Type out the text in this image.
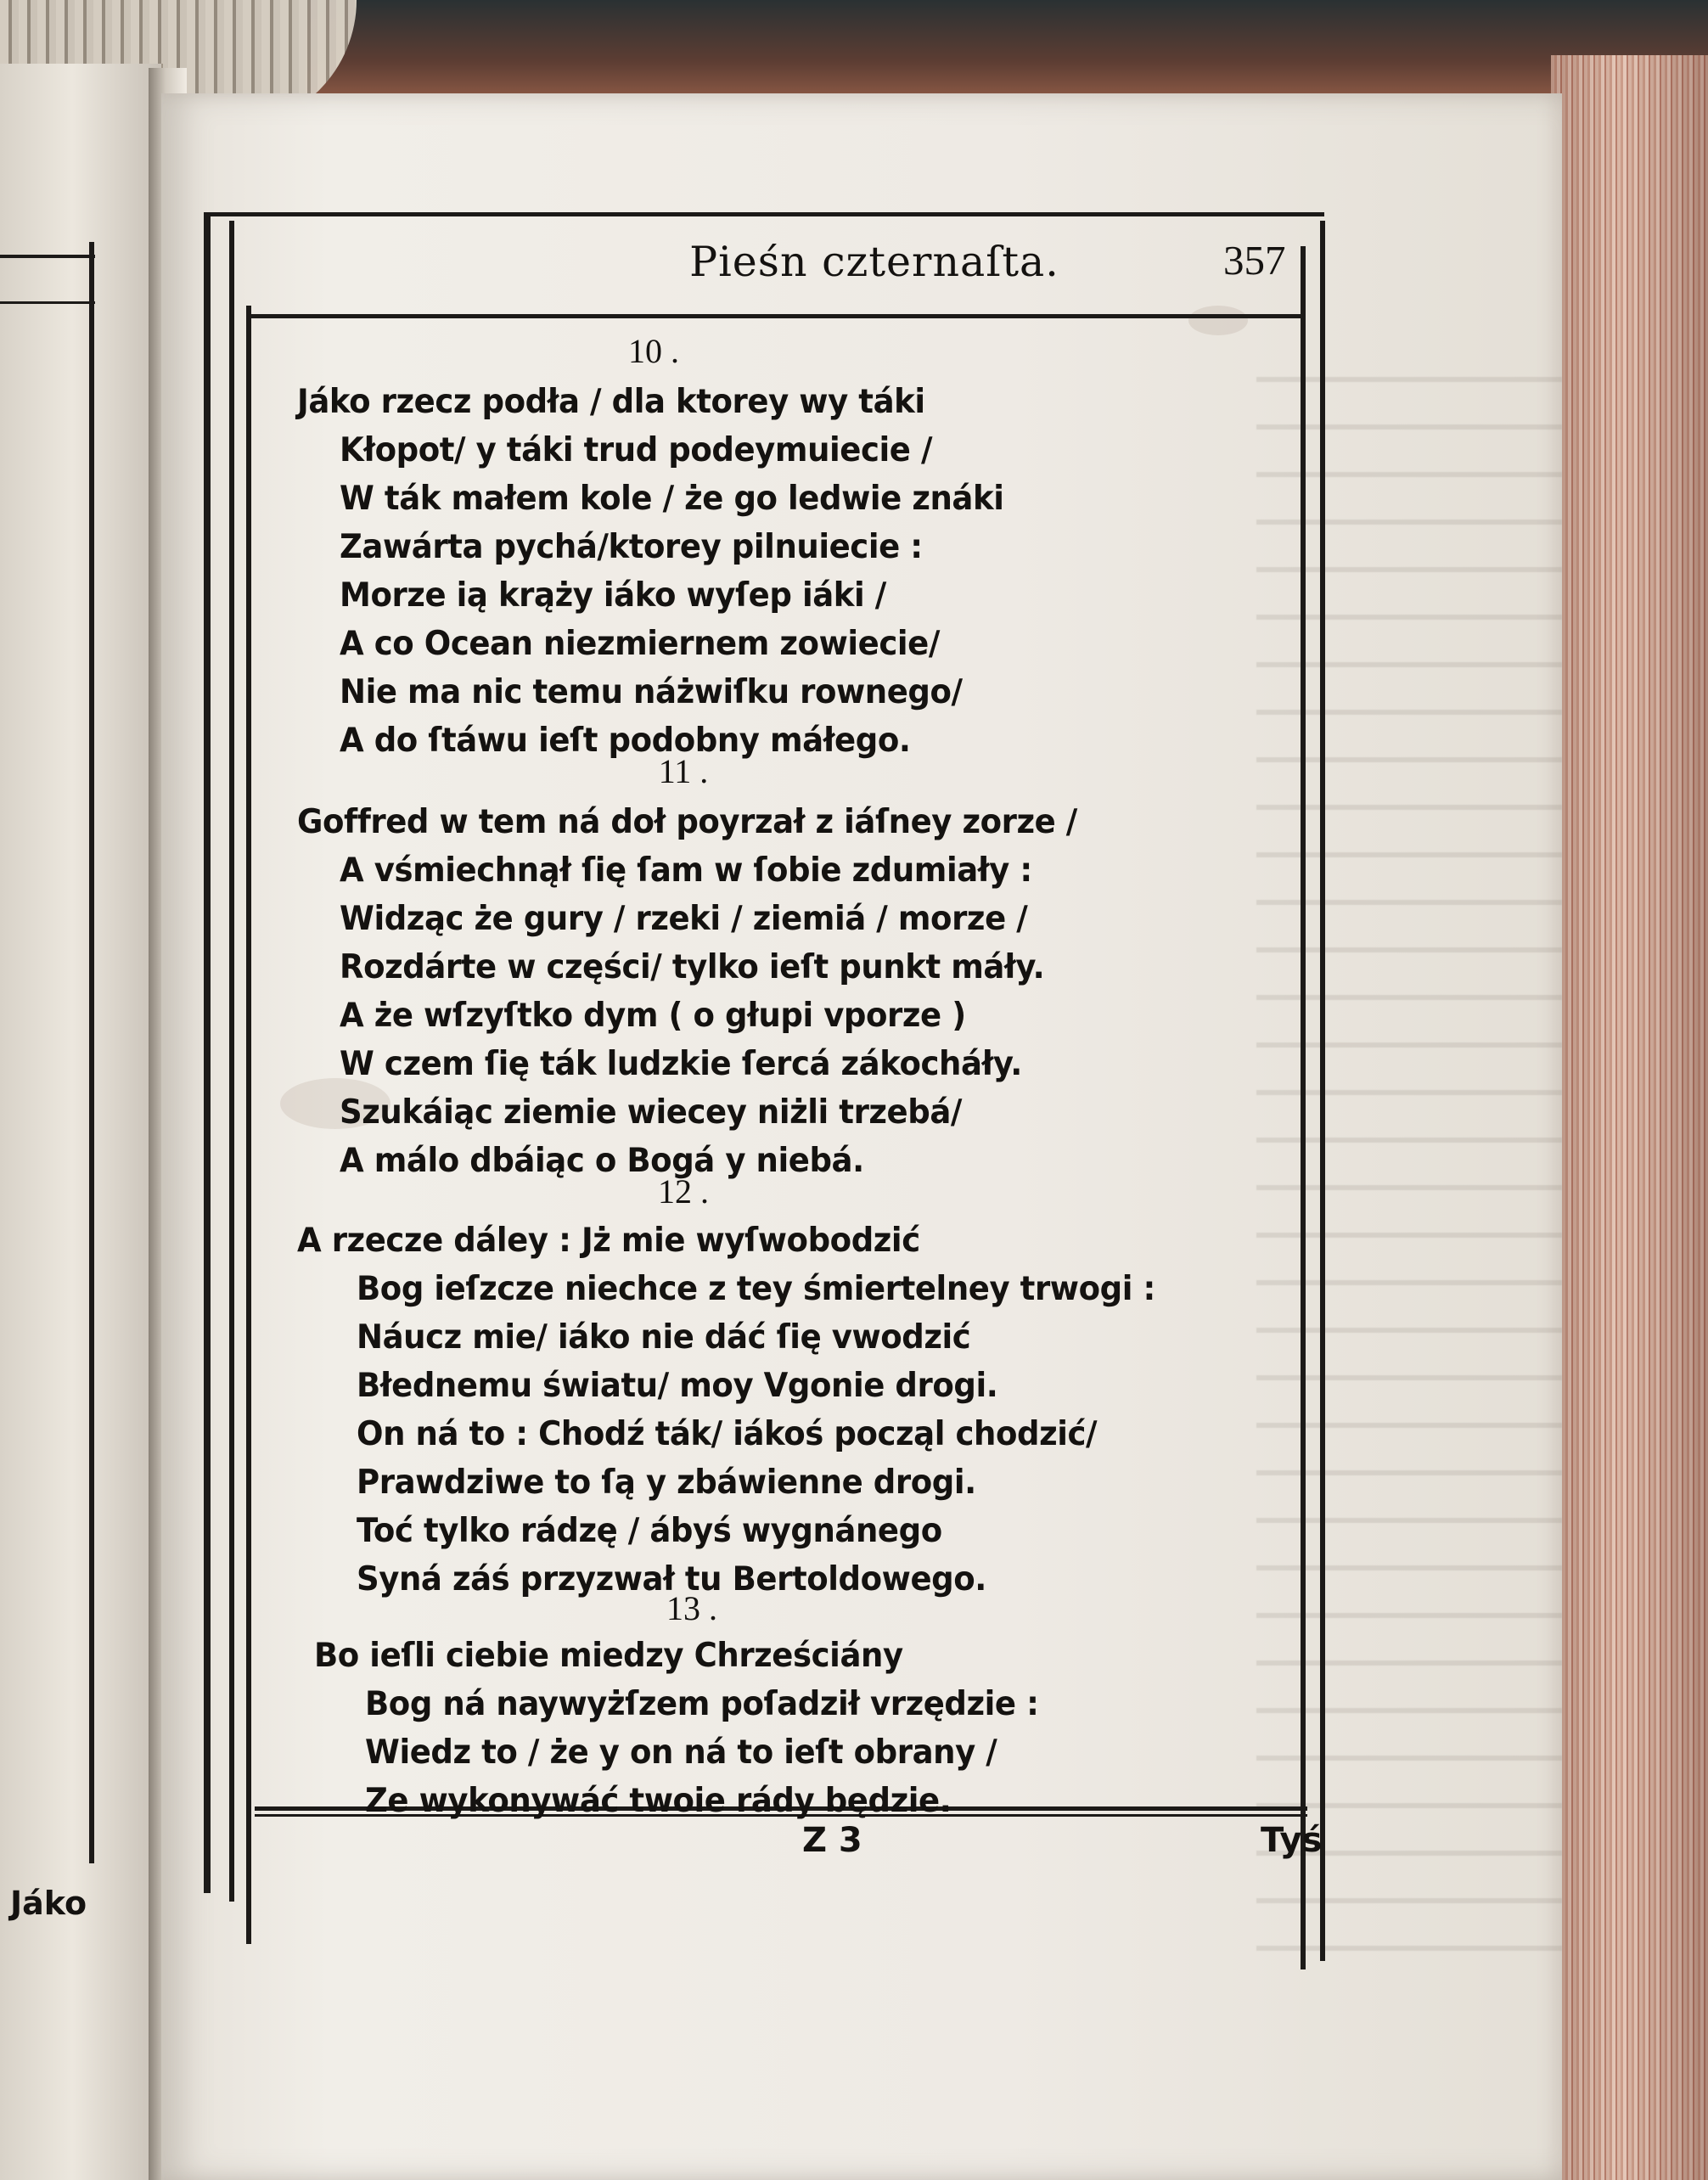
Jáko
Pieśn czternaſta.	357
10 .
Jáko rzecz podła / dla ktorey wy táki
Kłopot/ y táki trud podeymuiecie /
W ták małem kole / że go ledwie znáki
Zawárta pychá/ktorey pilnuiecie :
Morze ią krąży iáko wyſep iáki /
A co Ocean niezmiernem zowiecie/
Nie ma nic temu náżwiſku rownego/
A do ſtáwu ieſt podobny máłego.
11 .
Goffred w tem ná doł poyrzał z iáſney zorze /
A vśmiechnął ſię ſam w ſobie zdumiały :
Widząc że gury / rzeki / ziemiá / morze /
Rozdárte w części/ tylko ieſt punkt máły.
A że wſzyſtko dym ( o głupi vporze )
W czem ſię ták ludzkie ſercá zákocháły.
Szukáiąc ziemie wiecey niżli trzebá/
A málo dbáiąc o Bogá y niebá.
12 .
A rzecze dáley : Jż mie wyſwobodzić
Bog ieſzcze niechce z tey śmiertelney trwogi :
Náucz mie/ iáko nie dáć ſię vwodzić
Błednemu światu/ moy Vgonie drogi.
On ná to : Chodź ták/ iákoś począl chodzić/
Prawdziwe to ſą y zbáwienne drogi.
Toć tylko rádzę / ábyś wygnánego
Syná záś przyzwał tu Bertoldowego.
13 .
Bo ieſli ciebie miedzy Chrześciány
Bog ná naywyżſzem poſadził vrzędzie :
Wiedz to / że y on ná to ieſt obrany /
Ze wykonywáć twoie rády będzie.
Z 3	Tyś
